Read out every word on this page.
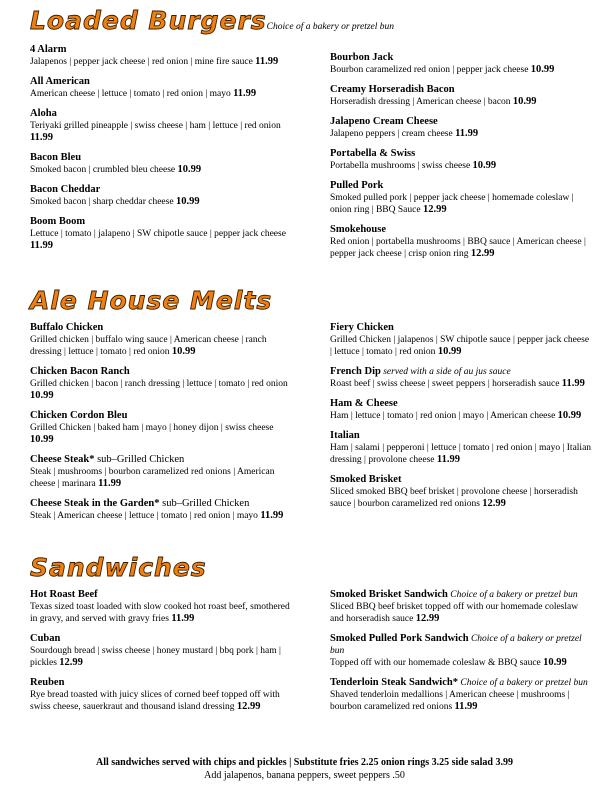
Loaded BurgersChoice of a bakery or pretzel bun
4 Alarm
Jalapenos | pepper jack cheese | red onion | mine fire sauce 11.99
All American
American cheese | lettuce | tomato | red onion | mayo 11.99
Aloha
Teriyaki grilled pineapple | swiss cheese | ham | lettuce | red onion 11.99
Bacon Bleu
Smoked bacon | crumbled bleu cheese 10.99
Bacon Cheddar
Smoked bacon | sharp cheddar cheese 10.99
Boom Boom
Lettuce | tomato | jalapeno | SW chipotle sauce | pepper jack cheese 11.99
Bourbon Jack
Bourbon caramelized red onion | pepper jack cheese 10.99
Creamy Horseradish Bacon
Horseradish dressing | American cheese | bacon 10.99
Jalapeno Cream Cheese
Jalapeno peppers | cream cheese 11.99
Portabella & Swiss
Portabella mushrooms | swiss cheese 10.99
Pulled Pork
Smoked pulled pork | pepper jack cheese | homemade coleslaw | onion ring | BBQ Sauce 12.99
Smokehouse
Red onion | portabella mushrooms | BBQ sauce | American cheese | pepper jack cheese | crisp onion ring 12.99
Ale House Melts
Buffalo Chicken
Grilled chicken | buffalo wing sauce | American cheese | ranch dressing | lettuce | tomato | red onion 10.99
Chicken Bacon Ranch
Grilled chicken | bacon | ranch dressing | lettuce | tomato | red onion 10.99
Chicken Cordon Bleu
Grilled Chicken | baked ham | mayo | honey dijon | swiss cheese 10.99
Cheese Steak* sub–Grilled Chicken
Steak | mushrooms | bourbon caramelized red onions | American cheese | marinara 11.99
Cheese Steak in the Garden* sub–Grilled Chicken
Steak | American cheese | lettuce | tomato | red onion | mayo 11.99
Fiery Chicken
Grilled Chicken | jalapenos | SW chipotle sauce | pepper jack cheese | lettuce | tomato | red onion 10.99
French Dip served with a side of au jus sauce
Roast beef | swiss cheese | sweet peppers | horseradish sauce 11.99
Ham & Cheese
Ham | lettuce | tomato | red onion | mayo | American cheese 10.99
Italian
Ham | salami | pepperoni | lettuce | tomato | red onion | mayo | Italian dressing | provolone cheese 11.99
Smoked Brisket
Sliced smoked BBQ beef brisket | provolone cheese | horseradish sauce | bourbon caramelized red onions 12.99
Sandwiches
Hot Roast Beef
Texas sized toast loaded with slow cooked hot roast beef, smothered in gravy, and served with gravy fries 11.99
Cuban
Sourdough bread | swiss cheese | honey mustard | bbq pork | ham | pickles 12.99
Reuben
Rye bread toasted with juicy slices of corned beef topped off with swiss cheese, sauerkraut and thousand island dressing 12.99
Smoked Brisket Sandwich Choice of a bakery or pretzel bun
Sliced BBQ beef brisket topped off with our homemade coleslaw and horseradish sauce 12.99
Smoked Pulled Pork Sandwich Choice of a bakery or pretzel bun
Topped off with our homemade coleslaw & BBQ sauce 10.99
Tenderloin Steak Sandwich* Choice of a bakery or pretzel bun
Shaved tenderloin medallions | American cheese | mushrooms | bourbon caramelized red onions 11.99
All sandwiches served with chips and pickles | Substitute fries 2.25 onion rings 3.25 side salad 3.99
Add jalapenos, banana peppers, sweet peppers .50
